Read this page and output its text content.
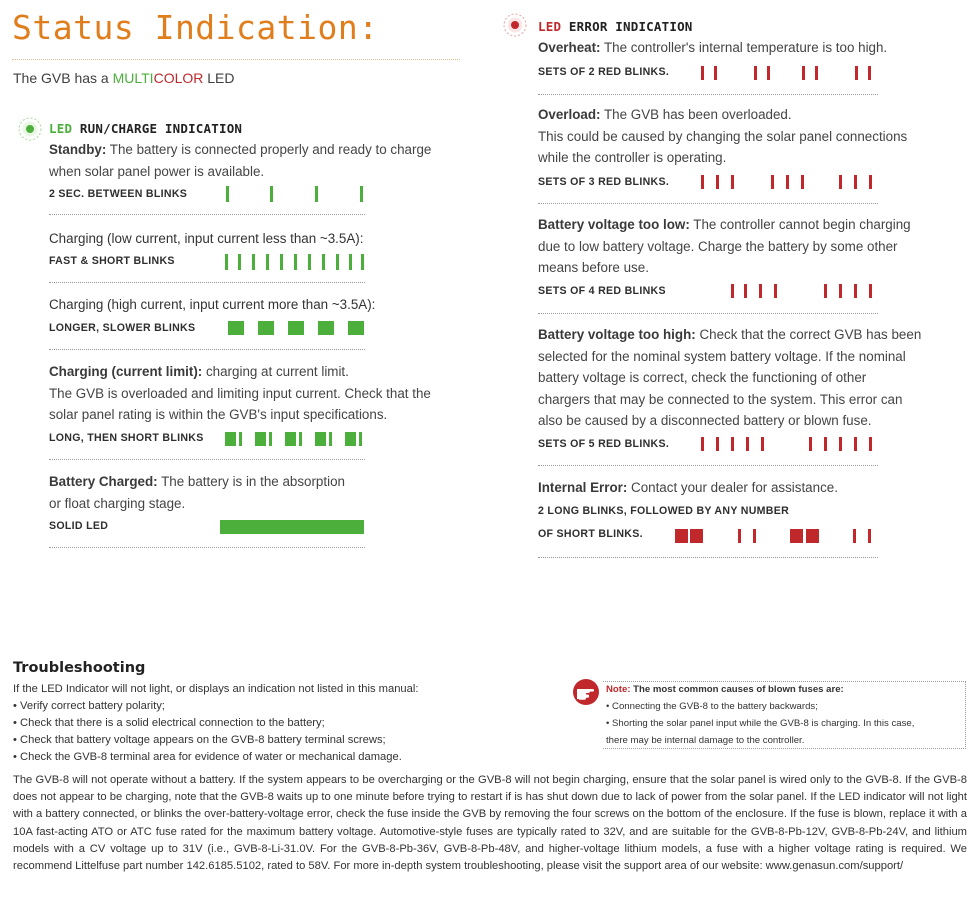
Status Indication:
The GVB has a MULTICOLOR LED
LED RUN/CHARGE INDICATION
Standby: The battery is connected properly and ready to charge
when solar panel power is available.
2 SEC. BETWEEN BLINKS
Charging (low current, input current less than ~3.5A):
FAST & SHORT BLINKS
Charging (high current, input current more than ~3.5A):
LONGER, SLOWER BLINKS
Charging (current limit): charging at current limit.
The GVB is overloaded and limiting input current. Check that the
solar panel rating is within the GVB's input specifications.
LONG, THEN SHORT BLINKS
Battery Charged: The battery is in the absorption
or float charging stage.
SOLID LED
LED ERROR INDICATION
Overheat: The controller's internal temperature is too high.
SETS OF 2 RED BLINKS.
Overload: The GVB has been overloaded.
This could be caused by changing the solar panel connections
while the controller is operating.
SETS OF 3 RED BLINKS.
Battery voltage too low: The controller cannot begin charging
due to low battery voltage. Charge the battery by some other
means before use.
SETS OF 4 RED BLINKS
Battery voltage too high: Check that the correct GVB has been
selected for the nominal system battery voltage. If the nominal
battery voltage is correct, check the functioning of other
chargers that may be connected to the system. This error can
also be caused by a disconnected battery or blown fuse.
SETS OF 5 RED BLINKS.
Internal Error: Contact your dealer for assistance.
2 LONG BLINKS, FOLLOWED BY ANY NUMBER
OF SHORT BLINKS.
Troubleshooting
If the LED Indicator will not light, or displays an indication not listed in this manual:
• Verify correct battery polarity;
• Check that there is a solid electrical connection to the battery;
• Check that battery voltage appears on the GVB-8 battery terminal screws;
• Check the GVB-8 terminal area for evidence of water or mechanical damage.
The GVB-8 will not operate without a battery. If the system appears to be overcharging or the GVB-8 will not begin charging, ensure that the solar panel is wired only to the GVB-8. If the GVB-8 does not appear to be charging, note that the GVB-8 waits up to one minute before trying to restart if is has shut down due to lack of power from the solar panel. If the LED indicator will not light with a battery connected, or blinks the over-battery-voltage error, check the fuse inside the GVB by removing the four screws on the bottom of the enclosure. If the fuse is blown, replace it with a 10A fast-acting ATO or ATC fuse rated for the maximum battery voltage. Automotive-style fuses are typically rated to 32V, and are suitable for the GVB-8-Pb-12V, GVB-8-Pb-24V, and lithium models with a CV voltage up to 31V (i.e., GVB-8-Li-31.0V. For the GVB-8-Pb-36V, GVB-8-Pb-48V, and higher-voltage lithium models, a fuse with a higher voltage rating is required. We recommend Littelfuse part number 142.6185.5102, rated to 58V. For more in-depth system troubleshooting, please visit the support area of our website: www.genasun.com/support/
Note: The most common causes of blown fuses are:
• Connecting the GVB-8 to the battery backwards;
• Shorting the solar panel input while the GVB-8 is charging. In this case,
there may be internal damage to the controller.
